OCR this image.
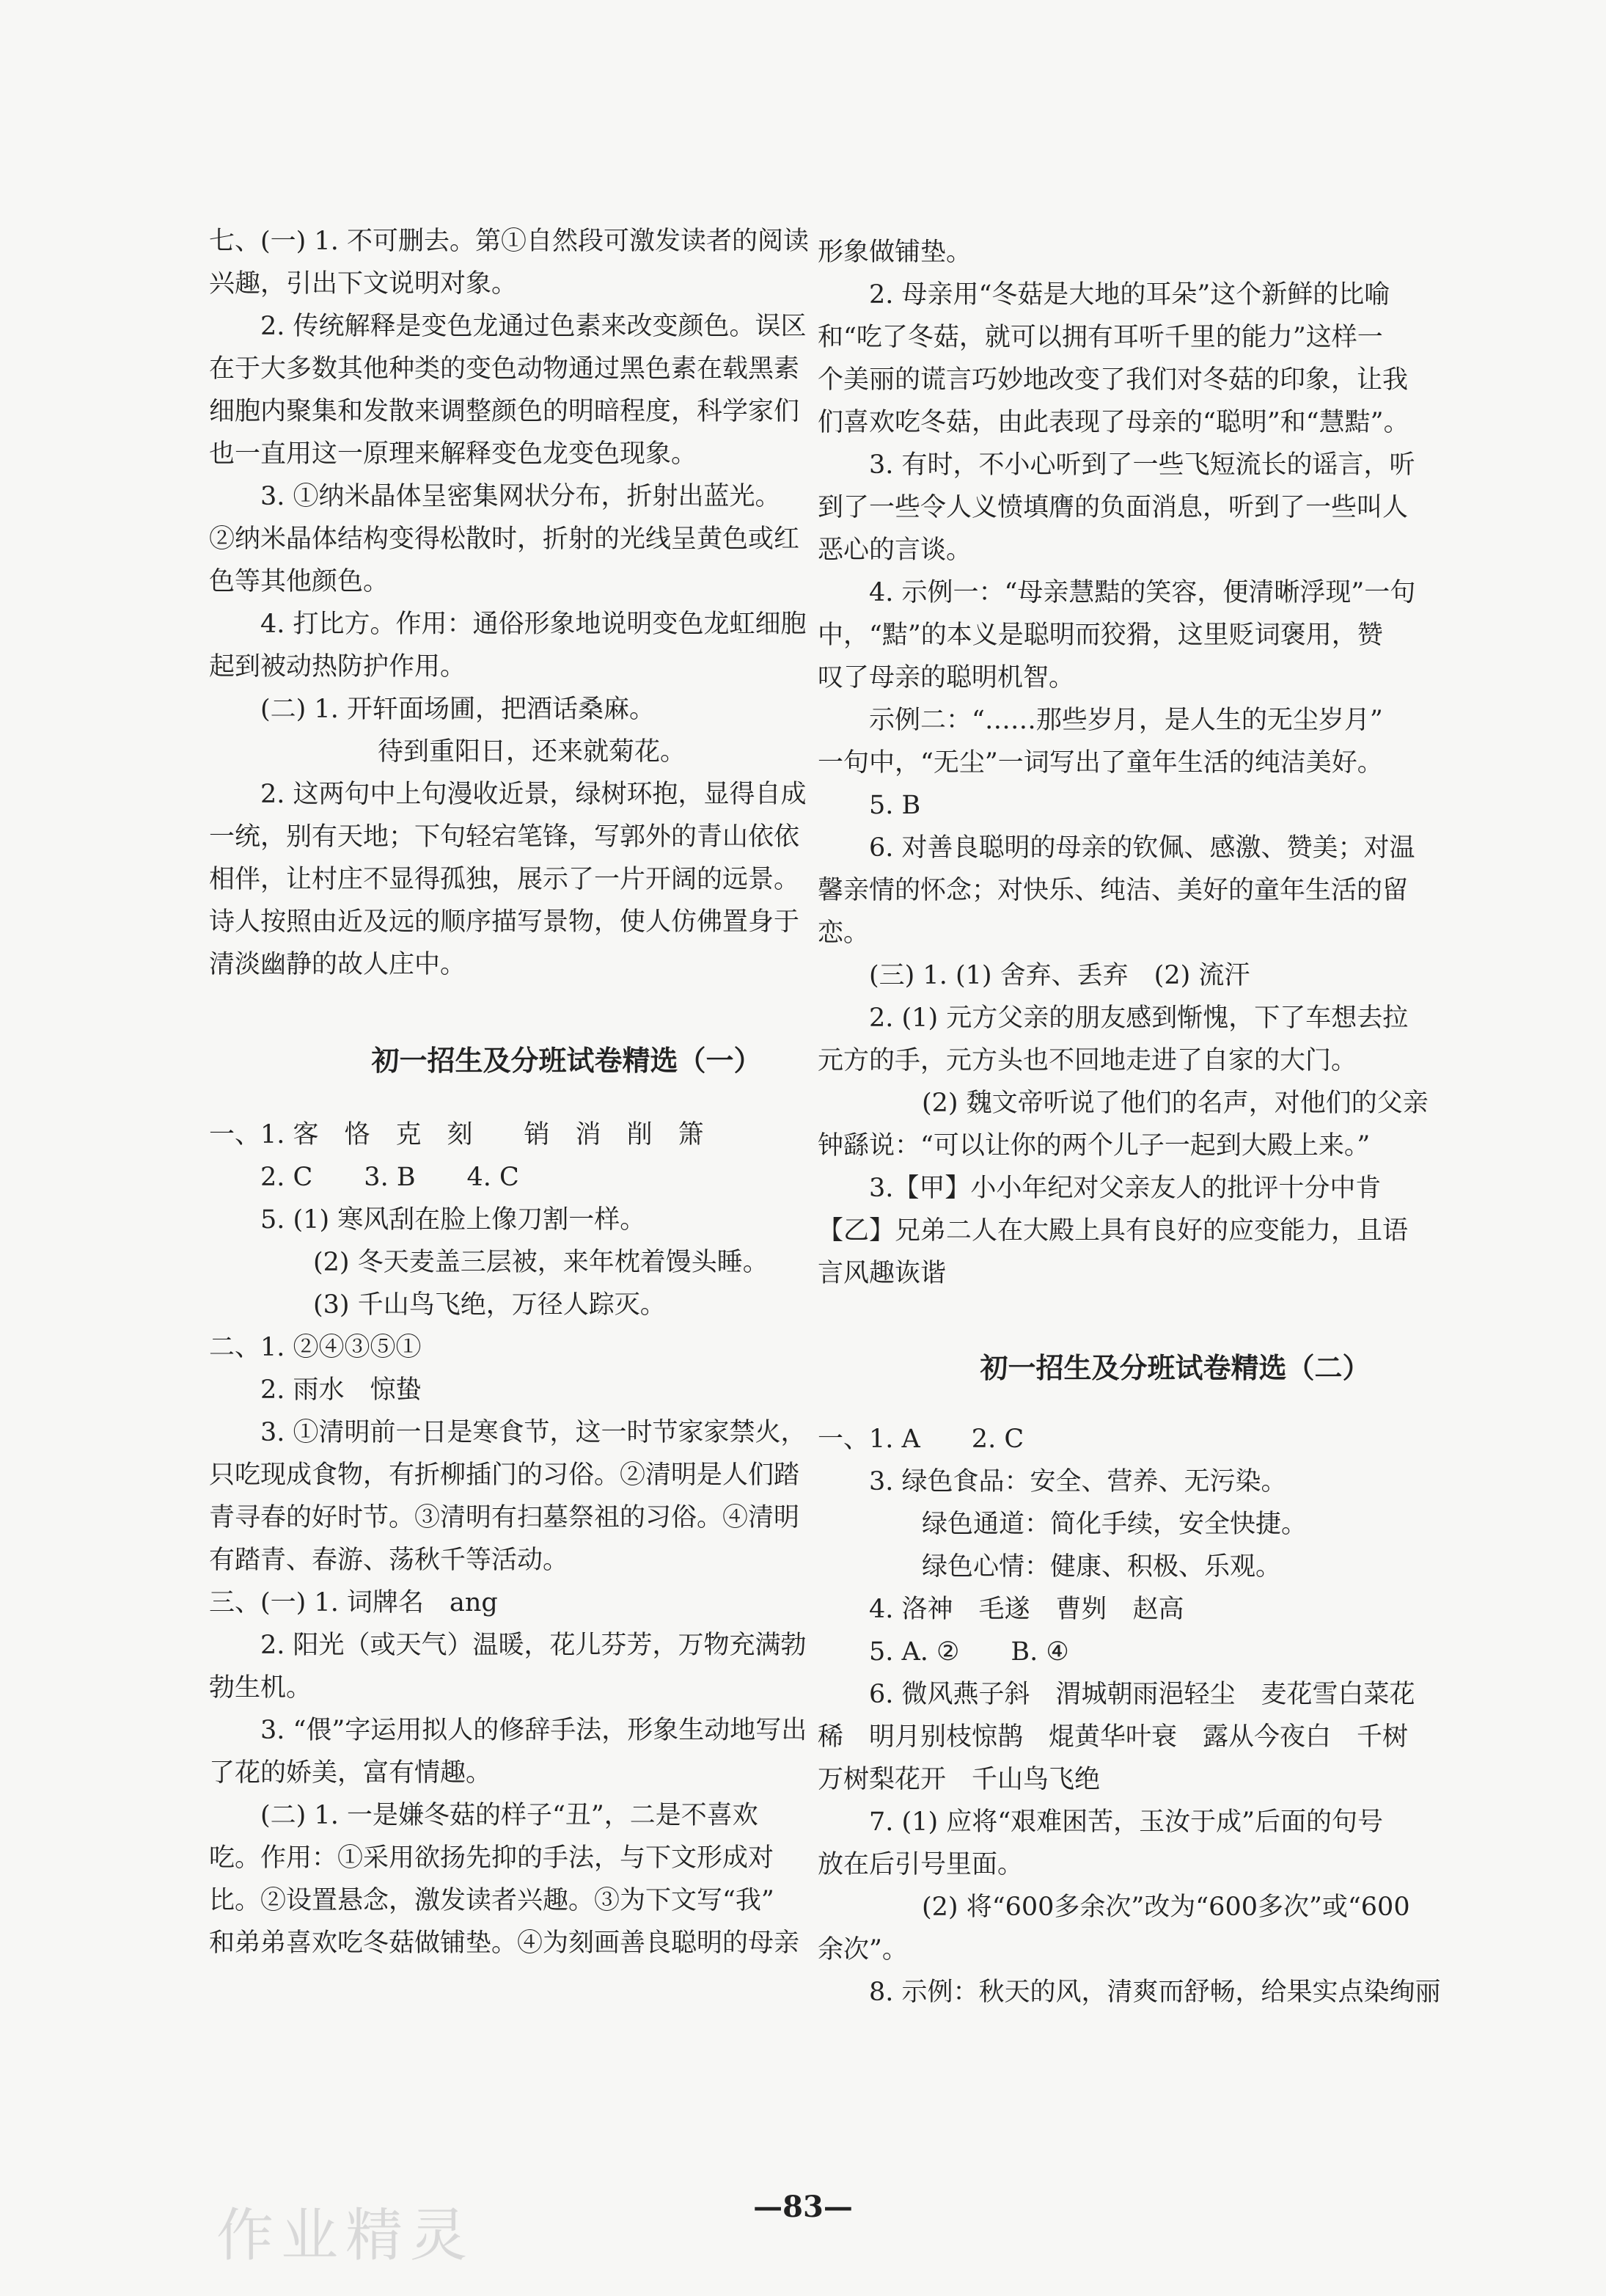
七、(一) 1. 不可删去。第①自然段可激发读者的阅读
兴趣，引出下文说明对象。
2. 传统解释是变色龙通过色素来改变颜色。误区
在于大多数其他种类的变色动物通过黑色素在载黑素
细胞内聚集和发散来调整颜色的明暗程度，科学家们
也一直用这一原理来解释变色龙变色现象。
3. ①纳米晶体呈密集网状分布，折射出蓝光。
②纳米晶体结构变得松散时，折射的光线呈黄色或红
色等其他颜色。
4. 打比方。作用：通俗形象地说明变色龙虹细胞
起到被动热防护作用。
(二) 1. 开轩面场圃，把酒话桑麻。
待到重阳日，还来就菊花。
2. 这两句中上句漫收近景，绿树环抱，显得自成
一统，别有天地；下句轻宕笔锋，写郭外的青山依依
相伴，让村庄不显得孤独，展示了一片开阔的远景。
诗人按照由近及远的顺序描写景物，使人仿佛置身于
清淡幽静的故人庄中。
初一招生及分班试卷精选（一）
一、1. 客　恪　克　刻　　销　消　削　箫
2. C　　3. B　　4. C
5. (1) 寒风刮在脸上像刀割一样。
(2) 冬天麦盖三层被，来年枕着馒头睡。
(3) 千山鸟飞绝，万径人踪灭。
二、1. ②④③⑤①
2. 雨水　惊蛰
3. ①清明前一日是寒食节，这一时节家家禁火，
只吃现成食物，有折柳插门的习俗。②清明是人们踏
青寻春的好时节。③清明有扫墓祭祖的习俗。④清明
有踏青、春游、荡秋千等活动。
三、(一) 1. 词牌名　ang
2. 阳光（或天气）温暖，花儿芬芳，万物充满勃
勃生机。
3. “偎”字运用拟人的修辞手法，形象生动地写出
了花的娇美，富有情趣。
(二) 1. 一是嫌冬菇的样子“丑”，二是不喜欢
吃。作用：①采用欲扬先抑的手法，与下文形成对
比。②设置悬念，激发读者兴趣。③为下文写“我”
和弟弟喜欢吃冬菇做铺垫。④为刻画善良聪明的母亲
形象做铺垫。
2. 母亲用“冬菇是大地的耳朵”这个新鲜的比喻
和“吃了冬菇，就可以拥有耳听千里的能力”这样一
个美丽的谎言巧妙地改变了我们对冬菇的印象，让我
们喜欢吃冬菇，由此表现了母亲的“聪明”和“慧黠”。
3. 有时，不小心听到了一些飞短流长的谣言，听
到了一些令人义愤填膺的负面消息，听到了一些叫人
恶心的言谈。
4. 示例一：“母亲慧黠的笑容，便清晰浮现”一句
中，“黠”的本义是聪明而狡猾，这里贬词褒用，赞
叹了母亲的聪明机智。
示例二：“……那些岁月，是人生的无尘岁月”
一句中，“无尘”一词写出了童年生活的纯洁美好。
5. B
6. 对善良聪明的母亲的钦佩、感激、赞美；对温
馨亲情的怀念；对快乐、纯洁、美好的童年生活的留
恋。
(三) 1. (1) 舍弃、丢弃　(2) 流汗
2. (1) 元方父亲的朋友感到惭愧，下了车想去拉
元方的手，元方头也不回地走进了自家的大门。
(2) 魏文帝听说了他们的名声，对他们的父亲
钟繇说：“可以让你的两个儿子一起到大殿上来。”
3.【甲】小小年纪对父亲友人的批评十分中肯
【乙】兄弟二人在大殿上具有良好的应变能力，且语
言风趣诙谐
初一招生及分班试卷精选（二）
一、1. A　　2. C
3. 绿色食品：安全、营养、无污染。
绿色通道：简化手续，安全快捷。
绿色心情：健康、积极、乐观。
4. 洛神　毛遂　曹刿　赵高
5. A. ②　　B. ④
6. 微风燕子斜　渭城朝雨浥轻尘　麦花雪白菜花
稀　明月别枝惊鹊　焜黄华叶衰　露从今夜白　千树
万树梨花开　千山鸟飞绝
7. (1) 应将“艰难困苦，玉汝于成”后面的句号
放在后引号里面。
(2) 将“600多余次”改为“600多次”或“600
余次”。
8. 示例：秋天的风，清爽而舒畅，给果实点染绚丽
—83—
作业精灵
